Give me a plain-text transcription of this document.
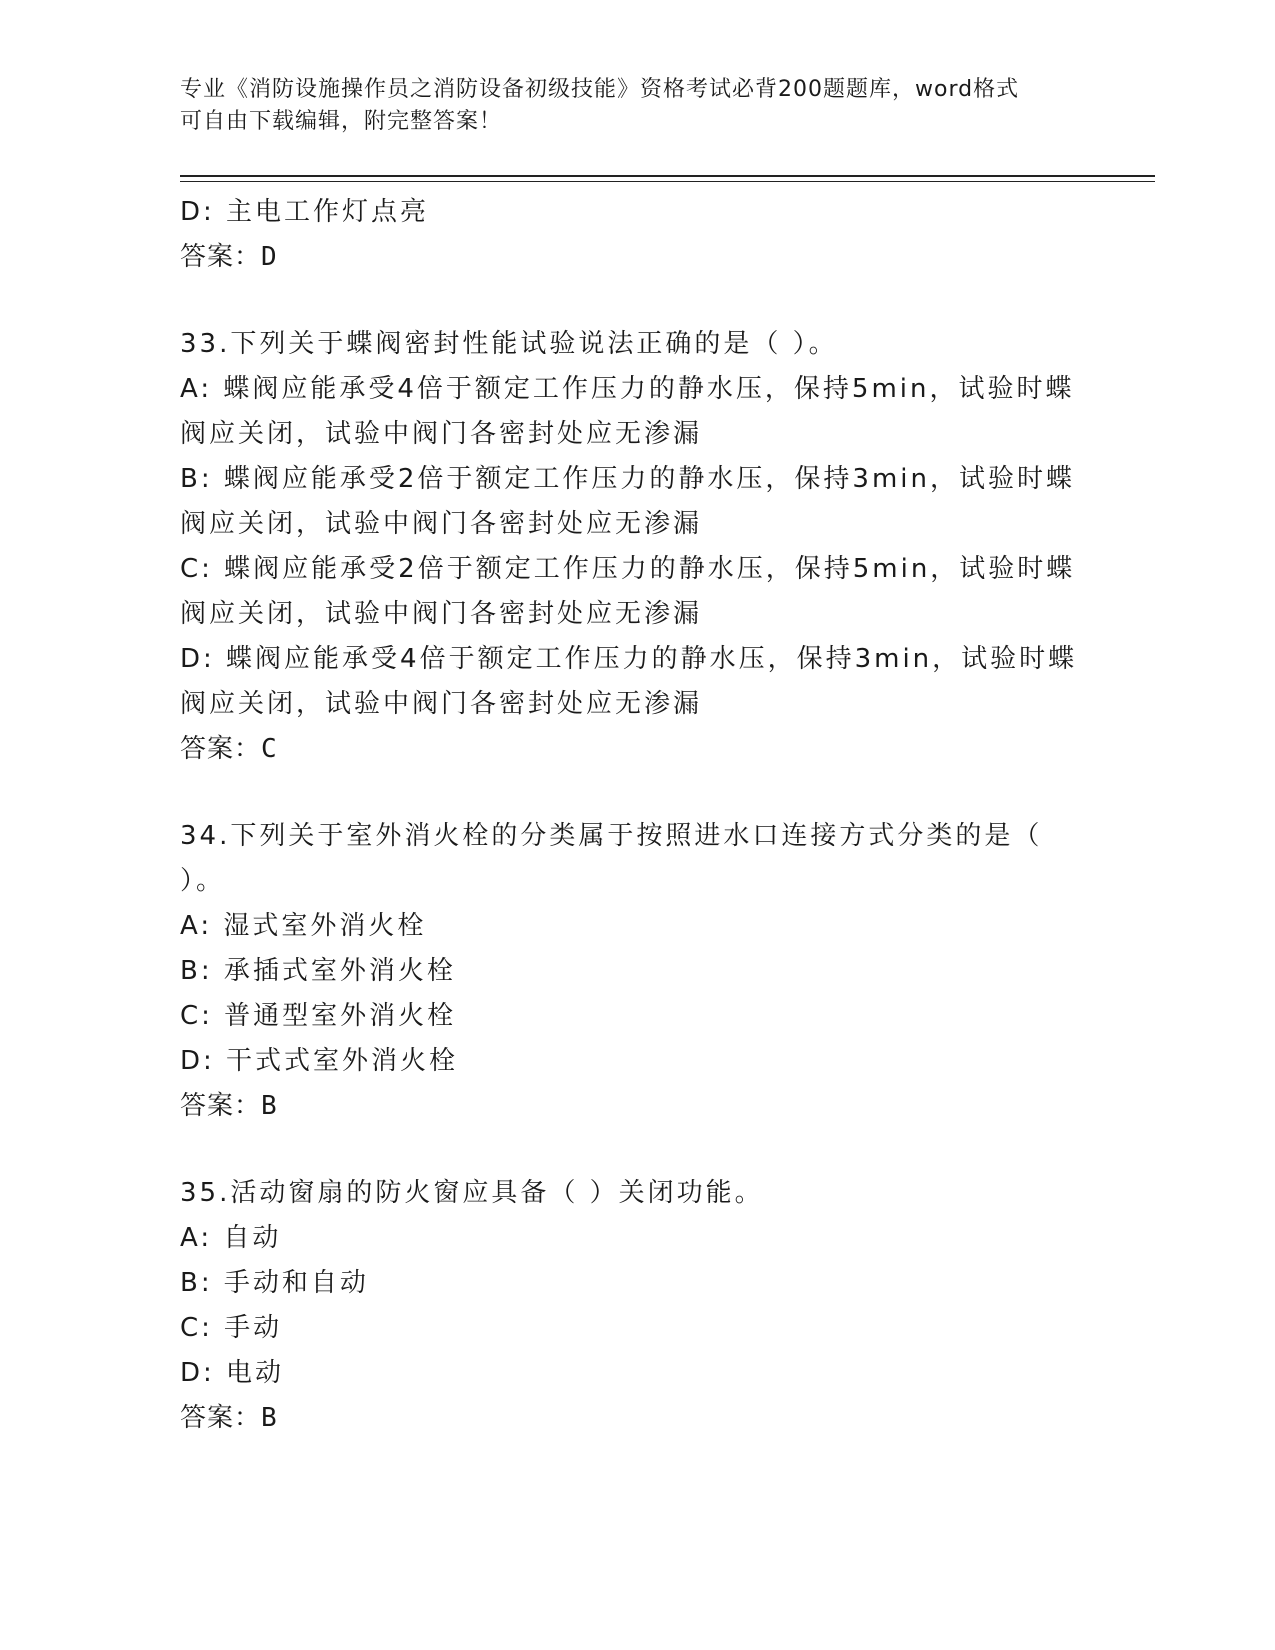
专业《消防设施操作员之消防设备初级技能》资格考试必背200题题库，word格式可自由下载编辑，附完整答案！

D: 主电工作灯点亮

答案：D

33.下列关于蝶阀密封性能试验说法正确的是（ ）。

A: 蝶阀应能承受4倍于额定工作压力的静水压，保持5min，试验时蝶阀应关闭，试验中阀门各密封处应无渗漏

B: 蝶阀应能承受2倍于额定工作压力的静水压，保持3min，试验时蝶阀应关闭，试验中阀门各密封处应无渗漏

C: 蝶阀应能承受2倍于额定工作压力的静水压，保持5min，试验时蝶阀应关闭，试验中阀门各密封处应无渗漏

D: 蝶阀应能承受4倍于额定工作压力的静水压，保持3min，试验时蝶阀应关闭，试验中阀门各密封处应无渗漏

答案：C

34.下列关于室外消火栓的分类属于按照进水口连接方式分类的是（ ）。

A: 湿式室外消火栓

B: 承插式室外消火栓

C: 普通型室外消火栓

D: 干式式室外消火栓

答案：B

35.活动窗扇的防火窗应具备（ ）关闭功能。

A: 自动

B: 手动和自动

C: 手动

D: 电动

答案：B
